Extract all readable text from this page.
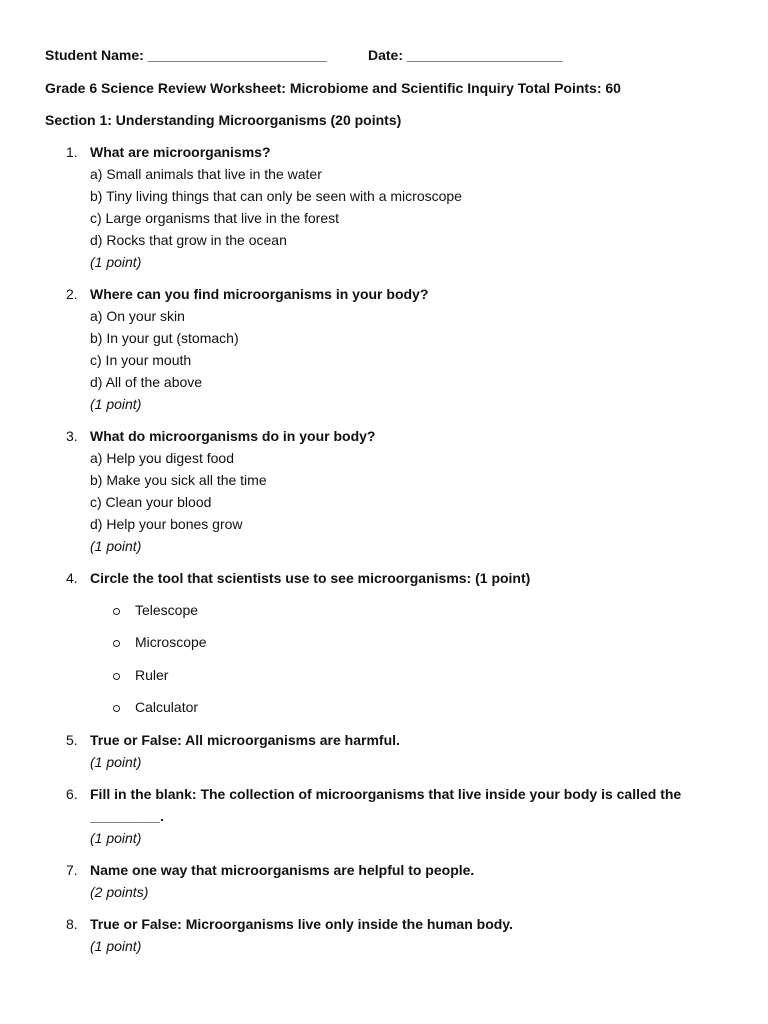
Student Name: _______________________	Date: ____________________
Grade 6 Science Review Worksheet: Microbiome and Scientific Inquiry Total Points: 60
Section 1: Understanding Microorganisms (20 points)
1. What are microorganisms?
a) Small animals that live in the water
b) Tiny living things that can only be seen with a microscope
c) Large organisms that live in the forest
d) Rocks that grow in the ocean
(1 point)
2. Where can you find microorganisms in your body?
a) On your skin
b) In your gut (stomach)
c) In your mouth
d) All of the above
(1 point)
3. What do microorganisms do in your body?
a) Help you digest food
b) Make you sick all the time
c) Clean your blood
d) Help your bones grow
(1 point)
4. Circle the tool that scientists use to see microorganisms: (1 point)
Telescope
Microscope
Ruler
Calculator
5. True or False: All microorganisms are harmful.
(1 point)
6. Fill in the blank: The collection of microorganisms that live inside your body is called the
_________.
(1 point)
7. Name one way that microorganisms are helpful to people.
(2 points)
8. True or False: Microorganisms live only inside the human body.
(1 point)
